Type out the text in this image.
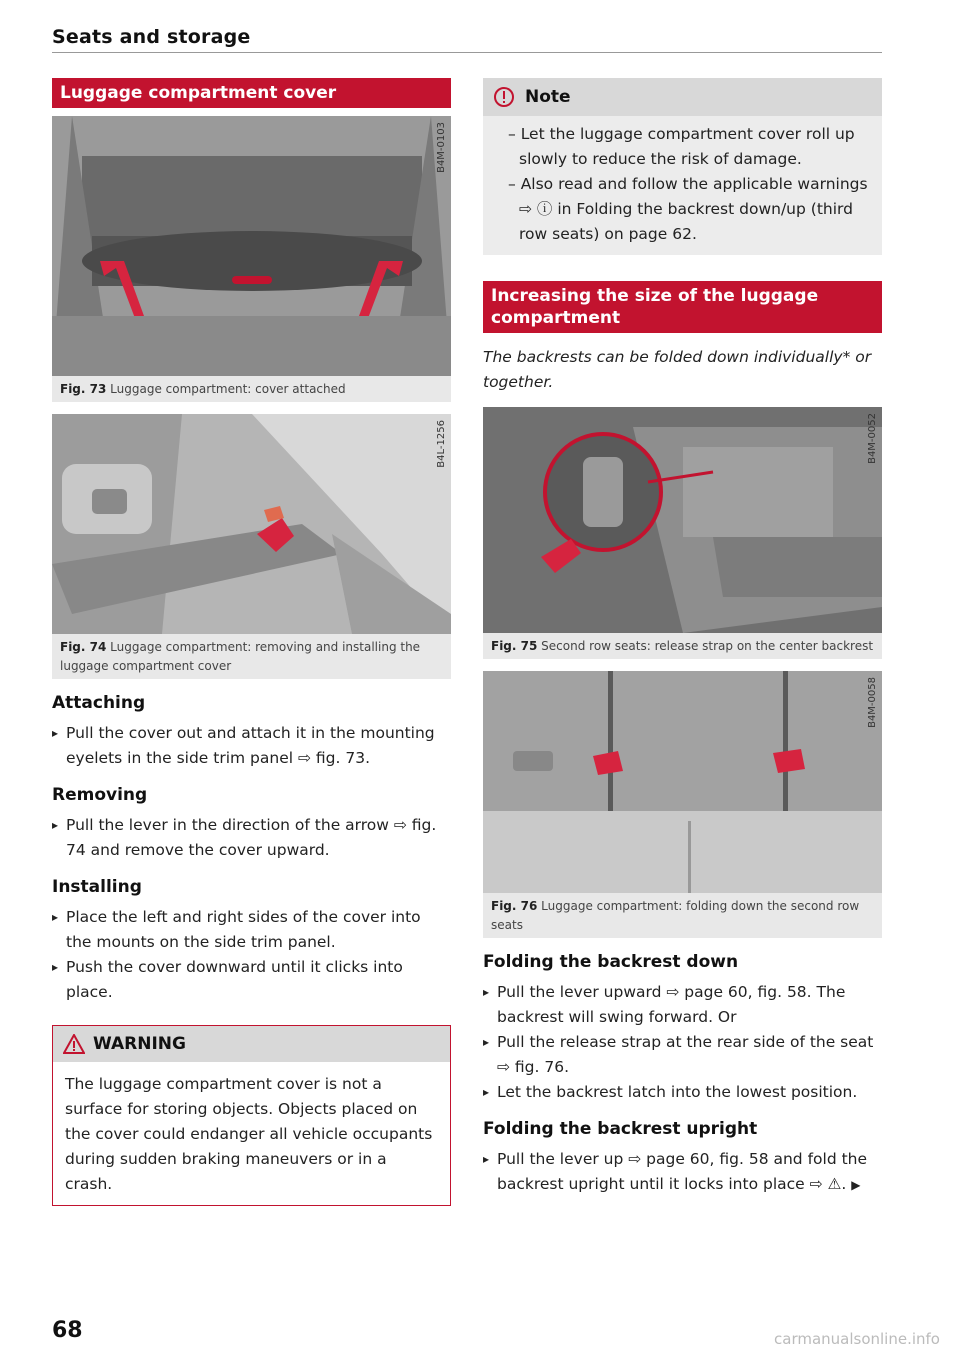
Seats and storage
Luggage compartment cover
B4M-0103
Fig. 73 Luggage compartment: cover attached
B4L-1256
Fig. 74 Luggage compartment: removing and installing the luggage compartment cover
Attaching
▸ Pull the cover out and attach it in the mounting eyelets in the side trim panel ⇨ fig. 73.
Removing
▸ Pull the lever in the direction of the arrow ⇨ fig. 74 and remove the cover upward.
Installing
▸ Place the left and right sides of the cover into the mounts on the side trim panel.
▸ Push the cover downward until it clicks into place.
WARNING
The luggage compartment cover is not a surface for storing objects. Objects placed on the cover could endanger all vehicle occupants during sudden braking maneuvers or in a crash.
Note
– Let the luggage compartment cover roll up slowly to reduce the risk of damage.
– Also read and follow the applicable warnings ⇨ ⓘ in Folding the backrest down/up (third row seats) on page 62.
Increasing the size of the luggage compartment
The backrests can be folded down individually* or together.
B4M-0052
Fig. 75 Second row seats: release strap on the center backrest
B4M-0058
Fig. 76 Luggage compartment: folding down the second row seats
Folding the backrest down
▸ Pull the lever upward ⇨ page 60, fig. 58. The backrest will swing forward. Or
▸ Pull the release strap at the rear side of the seat ⇨ fig. 76.
▸ Let the backrest latch into the lowest position.
Folding the backrest upright
▸ Pull the lever up ⇨ page 60, fig. 58 and fold the backrest upright until it locks into place ⇨ ⚠. ▶
68	carmanualsonline.info
